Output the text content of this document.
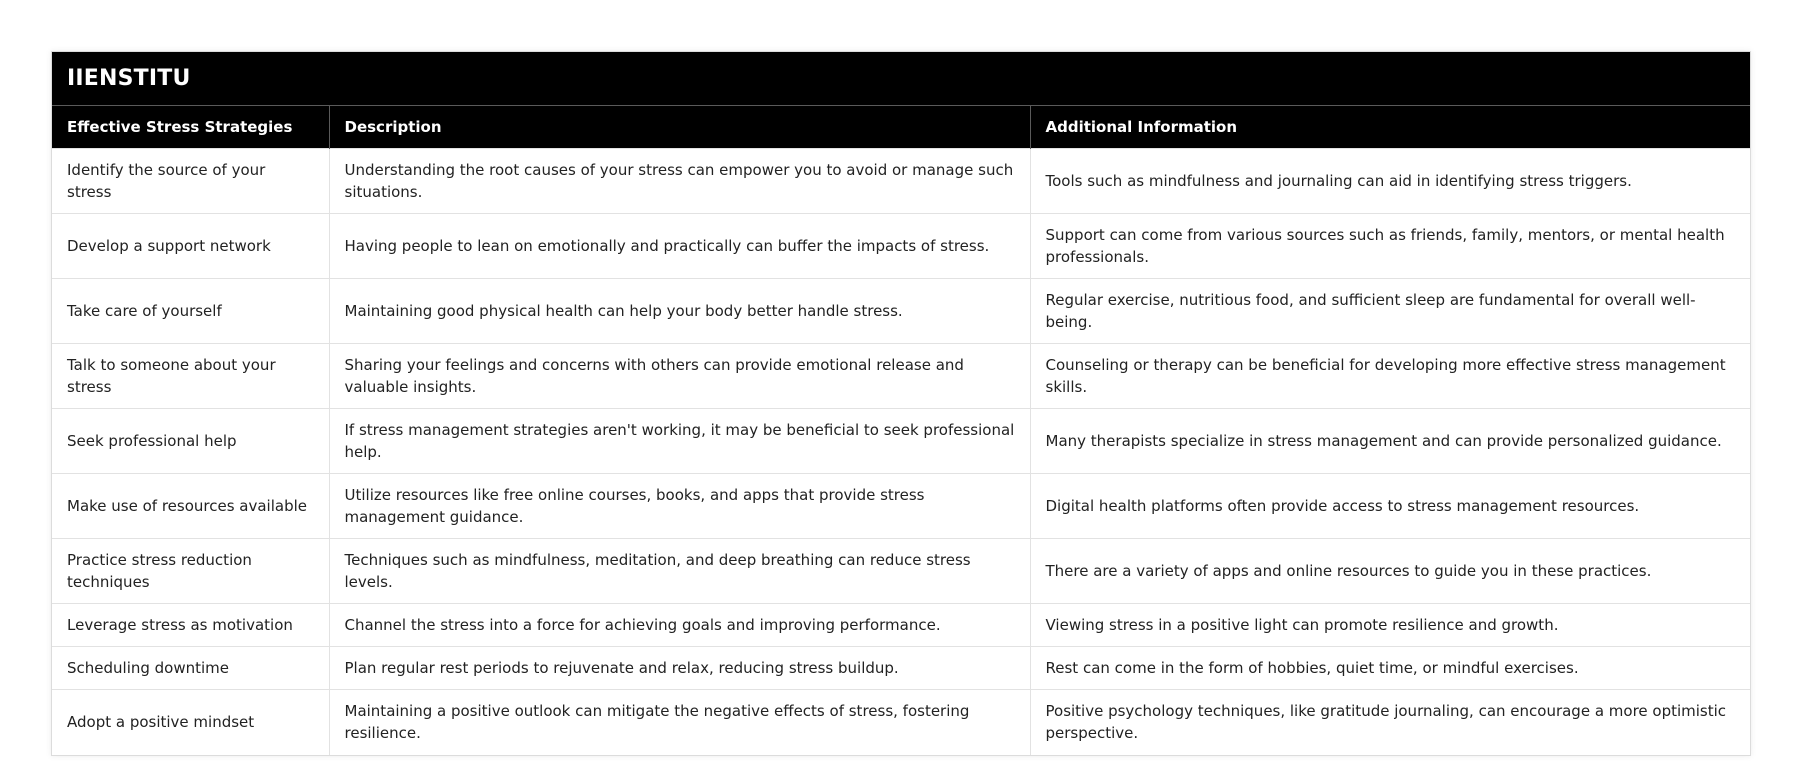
IIENSTITU
Effective Stress Strategies	Description	Additional Information
Identify the source of your stress	Understanding the root causes of your stress can empower you to avoid or manage such situations.	Tools such as mindfulness and journaling can aid in identifying stress triggers.
Develop a support network	Having people to lean on emotionally and practically can buffer the impacts of stress.	Support can come from various sources such as friends, family, mentors, or mental health professionals.
Take care of yourself	Maintaining good physical health can help your body better handle stress.	Regular exercise, nutritious food, and sufficient sleep are fundamental for overall well-being.
Talk to someone about your stress	Sharing your feelings and concerns with others can provide emotional release and valuable insights.	Counseling or therapy can be beneficial for developing more effective stress management skills.
Seek professional help	If stress management strategies aren't working, it may be beneficial to seek professional help.	Many therapists specialize in stress management and can provide personalized guidance.
Make use of resources available	Utilize resources like free online courses, books, and apps that provide stress management guidance.	Digital health platforms often provide access to stress management resources.
Practice stress reduction techniques	Techniques such as mindfulness, meditation, and deep breathing can reduce stress levels.	There are a variety of apps and online resources to guide you in these practices.
Leverage stress as motivation	Channel the stress into a force for achieving goals and improving performance.	Viewing stress in a positive light can promote resilience and growth.
Scheduling downtime	Plan regular rest periods to rejuvenate and relax, reducing stress buildup.	Rest can come in the form of hobbies, quiet time, or mindful exercises.
Adopt a positive mindset	Maintaining a positive outlook can mitigate the negative effects of stress, fostering resilience.	Positive psychology techniques, like gratitude journaling, can encourage a more optimistic perspective.
